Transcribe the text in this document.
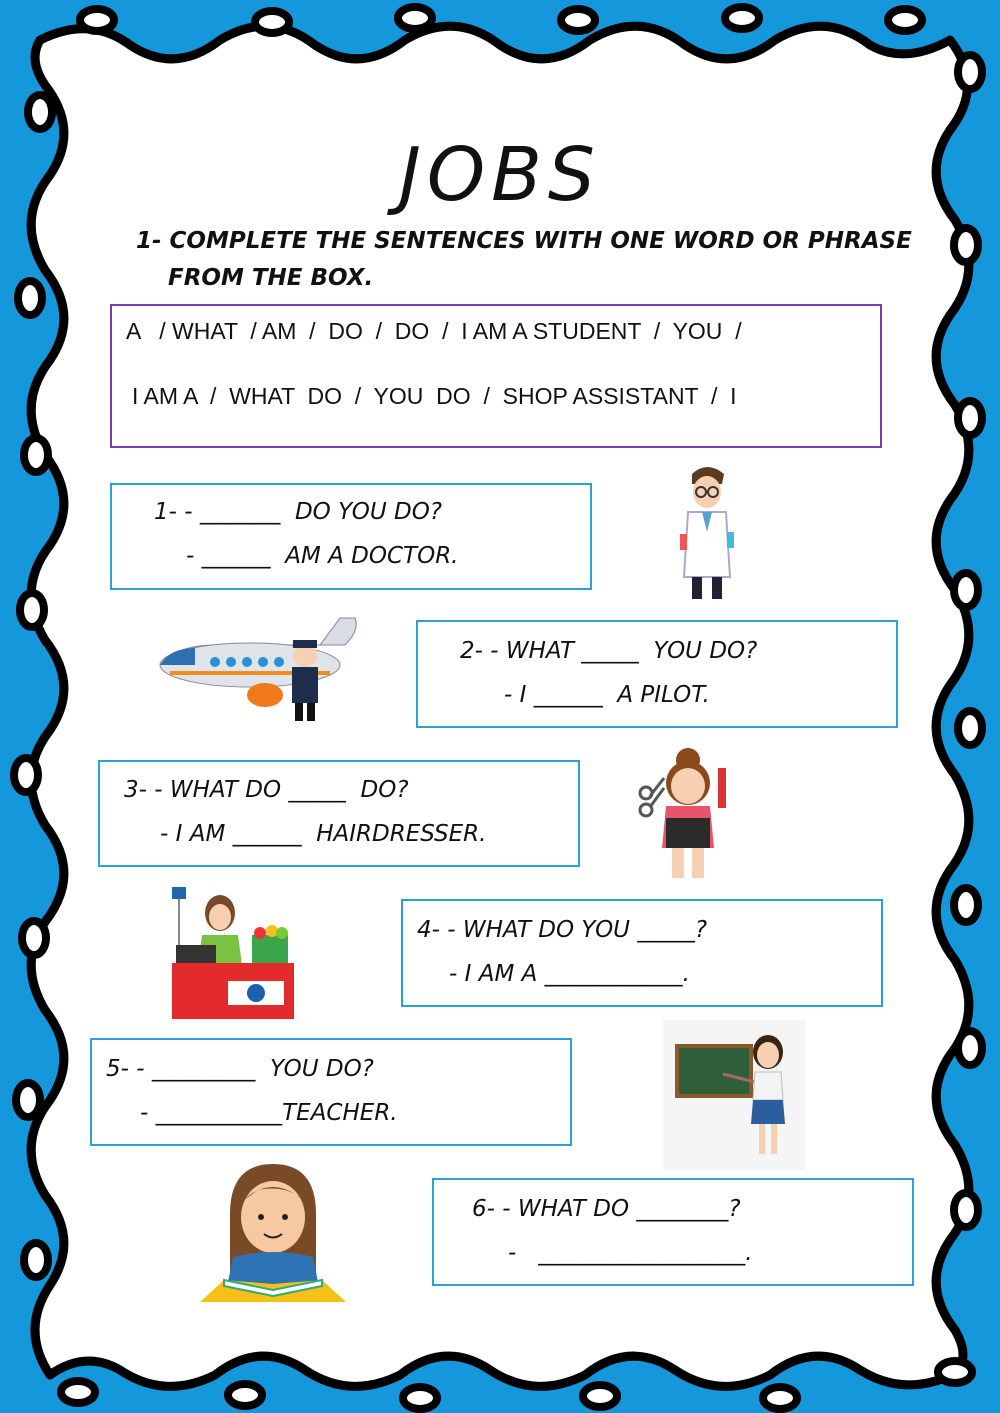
JOBS
1- COMPLETE THE SENTENCES WITH ONE WORD OR PHRASE
FROM THE BOX.
A   / WHAT  / AM  /  DO  /  DO  /  I AM A STUDENT  /  YOU  /
I AM A  /  WHAT  DO  /  YOU  DO  /  SHOP ASSISTANT  /  I
1- - _______  DO YOU DO?
- ______  AM A DOCTOR.
2- - WHAT _____  YOU DO?
- I ______  A PILOT.
3- - WHAT DO _____  DO?
- I AM ______  HAIRDRESSER.
4- - WHAT DO YOU _____?
- I AM A ____________.
5- - _________  YOU DO?
- ___________TEACHER.
6- - WHAT DO ________?
-   __________________.
